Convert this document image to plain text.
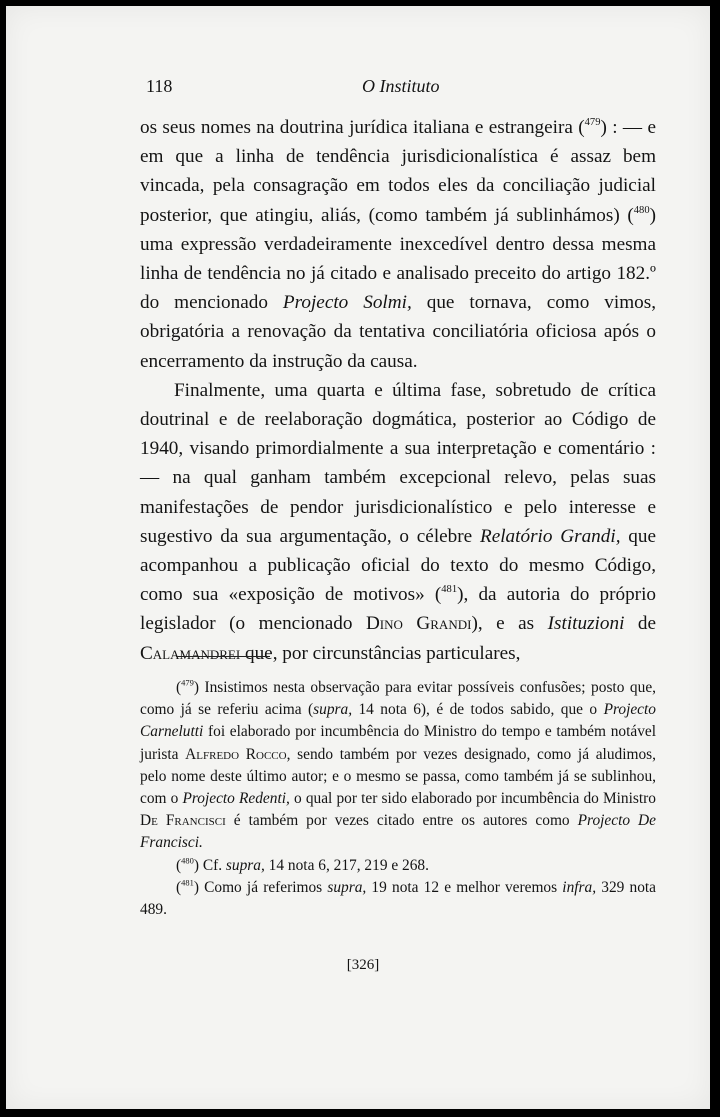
118	O Instituto

os seus nomes na doutrina jurídica italiana e estrangeira ($^{479}$) : — e em que a linha de tendência jurisdicionalística é assaz bem vincada, pela consagração em todos eles da conciliação judicial posterior, que atingiu, aliás, (como também já sublinhámos) ($^{480}$) uma expressão verdadeiramente inexcedível dentro dessa mesma linha de tendência no já citado e analisado preceito do artigo 182.º do mencionado Projecto Solmi, que tornava, como vimos, obrigatória a renovação da tentativa conciliatória oficiosa após o encerramento da instrução da causa.

Finalmente, uma quarta e última fase, sobretudo de crítica doutrinal e de reelaboração dogmática, posterior ao Código de 1940, visando primordialmente a sua interpretação e comentário : — na qual ganham também excepcional relevo, pelas suas manifestações de pendor jurisdicionalístico e pelo interesse e sugestivo da sua argumentação, o célebre Relatório Grandi, que acompanhou a publicação oficial do texto do mesmo Código, como sua «exposição de motivos» ($^{481}$), da autoria do próprio legislador (o mencionado Dino Grandi), e as Istituzioni de Calamandrei que, por circunstâncias particulares,

($^{479}$) Insistimos nesta observação para evitar possíveis confusões; posto que, como já se referiu acima (supra, 14 nota 6), é de todos sabido, que o Projecto Carnelutti foi elaborado por incumbência do Ministro do tempo e também notável jurista Alfredo Rocco, sendo também por vezes designado, como já aludimos, pelo nome deste último autor; e o mesmo se passa, como também já se sublinhou, com o Projecto Redenti, o qual por ter sido elaborado por incumbência do Ministro De Francisci é também por vezes citado entre os autores como Projecto De Francisci.

($^{480}$) Cf. supra, 14 nota 6, 217, 219 e 268.

($^{481}$) Como já referimos supra, 19 nota 12 e melhor veremos infra, 329 nota 489.

[326]
